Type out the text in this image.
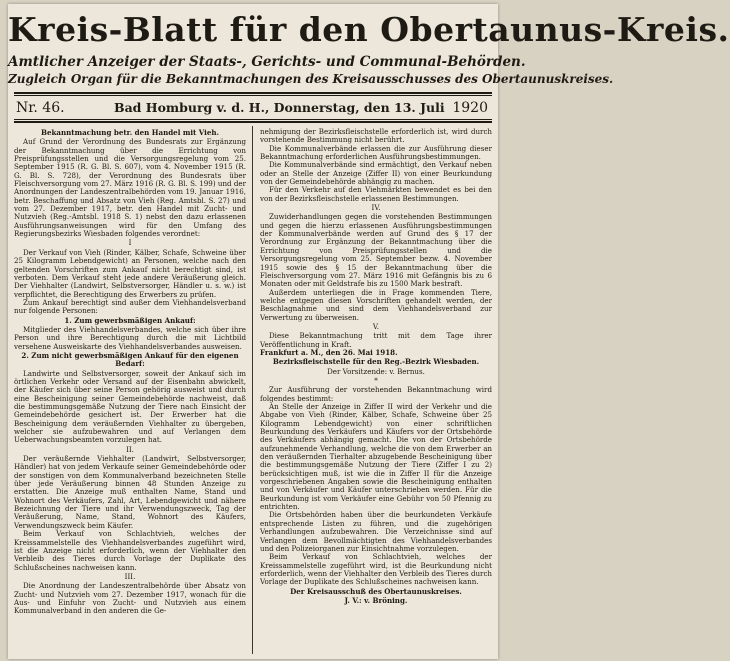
Kreis-Blatt für den Obertaunus-Kreis.
Amtlicher Anzeiger der Staats-, Gerichts- und Communal-Behörden.
Zugleich Organ für die Bekanntmachungen des Kreisausschusses des Obertaunuskreises.
Nr. 46.	Bad Homburg v. d. H., Donnerstag, den 13. Juli 1920

Bekanntmachung betr. den Handel mit Vieh.

Auf Grund der Verordnung des Bundesrats zur Ergänzung der Bekanntmachung über die Errichtung von Preisprüfungsstellen und die Versorgungsregelung vom 25. September 1915 (R. G. Bl. S. 607), vom 4. November 1915 (R. G. Bl. S. 728), der Verordnung des Bundesrats über Fleischversorgung vom 27. März 1916 (R. G. Bl. S. 199) und der Anordnungen der Landeszentralbehörden vom 19. Januar 1916, betr. Beschaffung und Absatz von Vieh (Reg. Amtsbl. S. 27) und vom 27. Dezember 1917, betr. den Handel mit Zucht- und Nutzvieh (Reg.-Amtsbl. 1918 S. 1) nebst den dazu erlassenen Ausführungsanweisungen wird für den Umfang des Regierungsbezirks Wiesbaden folgendes verordnet:

I

Der Verkauf von Vieh (Rinder, Kälber, Schafe, Schweine über 25 Kilogramm Lebendgewicht) an Personen, welche nach den geltenden Vorschriften zum Ankauf nicht berechtigt sind, ist verboten. Dem Verkauf steht jede andere Veräußerung gleich. Der Viehhalter (Landwirt, Selbstversorger, Händler u. s. w.) ist verpflichtet, die Berechtigung des Erwerbers zu prüfen.

Zum Ankauf berechtigt sind außer dem Viehhandelsverband nur folgende Personen:

1. Zum gewerbsmäßigen Ankauf:

Mitglieder des Viehhandelsverbandes, welche sich über ihre Person und ihre Berechtigung durch die mit Lichtbild versehene Ausweiskarte des Viehhandelsverbandes ausweisen.

2. Zum nicht gewerbsmäßigen Ankauf für den eigenen Bedarf:

Landwirte und Selbstversorger, soweit der Ankauf sich im örtlichen Verkehr oder Versand auf der Eisenbahn abwickelt, der Käufer sich über seine Person gehörig ausweist und durch eine Bescheinigung seiner Gemeindebehörde nachweist, daß die bestimmungsgemäße Nutzung der Tiere nach Einsicht der Gemeindebehörde gesichert ist. Der Erwerber hat die Bescheinigung dem veräußernden Viehhalter zu übergeben, welcher sie aufzubewahren und auf Verlangen dem Ueberwachungsbeamten vorzulegen hat.

II.

Der veräußernde Viehhalter (Landwirt, Selbstversorger, Händler) hat von jedem Verkaufe seiner Gemeindebehörde oder der sonstigen von dem Kommunalverband bezeichneten Stelle über jede Veräußerung binnen 48 Stunden Anzeige zu erstatten. Die Anzeige muß enthalten Name, Stand und Wohnort des Verkäufers, Zahl, Art, Lebendgewicht und nähere Bezeichnung der Tiere und ihr Verwendungszweck, Tag der Veräußerung, Name, Stand, Wohnort des Käufers, Verwendungszweck beim Käufer.

Beim Verkauf von Schlachtvieh, welches der Kreissammelstelle des Viehhandelsverbandes zugeführt wird, ist die Anzeige nicht erforderlich, wenn der Viehhalter den Verbleib des Tieres durch Vorlage der Duplikate des Schlußscheines nachweisen kann.

III.

Die Anordnung der Landeszentralbehörde über Absatz von Zucht- und Nutzvieh vom 27. Dezember 1917, wonach für die Aus- und Einfuhr von Zucht- und Nutzvieh aus einem Kommunalverband in den anderen die Ge-

nehmigung der Bezirksfleischstelle erforderlich ist, wird durch vorstehende Bestimmung nicht berührt.

Die Kommunalverbände erlassen die zur Ausführung dieser Bekanntmachung erforderlichen Ausführungsbestimmungen.

Die Kommunalverbände sind ermächtigt, den Verkauf neben oder an Stelle der Anzeige (Ziffer II) von einer Beurkundung von der Gemeindebehörde abhängig zu machen.

Für den Verkehr auf den Viehmärkten bewendet es bei den von der Bezirksfleischstelle erlassenen Bestimmungen.

IV.

Zuwiderhandlungen gegen die vorstehenden Bestimmungen und gegen die hierzu erlassenen Ausführungsbestimmungen der Kommunalverbände werden auf Grund des § 17 der Verordnung zur Ergänzung der Bekanntmachung über die Errichtung von Preisprüfungsstellen und die Versorgungsregelung vom 25. September bezw. 4. November 1915 sowie des § 15 der Bekanntmachung über die Fleischversorgung vom 27. März 1916 mit Gefängnis bis zu 6 Monaten oder mit Geldstrafe bis zu 1500 Mark bestraft.

Außerdem unterliegen die in Frage kommenden Tiere, welche entgegen diesen Vorschriften gehandelt werden, der Beschlagnahme und sind dem Viehhandelsverband zur Verwertung zu überweisen.

V.

Diese Bekanntmachung tritt mit dem Tage ihrer Veröffentlichung in Kraft.

Frankfurt a. M., den 26. Mai 1918.

Bezirksfleischstelle für den Reg.-Bezirk Wiesbaden.

Der Vorsitzende: v. Bernus.

*

Zur Ausführung der vorstehenden Bekanntmachung wird folgendes bestimmt:

An Stelle der Anzeige in Ziffer II wird der Verkehr und die Abgabe von Vieh (Rinder, Kälber, Schafe, Schweine über 25 Kilogramm Lebendgewicht) von einer schriftlichen Beurkundung des Verkäufers und Käufers vor der Ortsbehörde des Verkäufers abhängig gemacht. Die von der Ortsbehörde aufzunehmende Verhandlung, welche die von dem Erwerber an den veräußernden Tierhalter abzugebende Bescheinigung über die bestimmungsgemäße Nutzung der Tiere (Ziffer I zu 2) berücksichtigen muß, ist wie die in Ziffer II für die Anzeige vorgeschriebenen Angaben sowie die Bescheinigung enthalten und von Verkäufer und Käufer unterschrieben werden. Für die Beurkundung ist vom Verkäufer eine Gebühr von 50 Pfennig zu entrichten.

Die Ortsbehörden haben über die beurkundeten Verkäufe entsprechende Listen zu führen, und die zugehörigen Verhandlungen aufzubewahren. Die Verzeichnisse sind auf Verlangen dem Bevollmächtigten des Viehhandelsverbandes und den Polizeiorganen zur Einsichtnahme vorzulegen.

Beim Verkauf von Schlachtvieh, welches der Kreissammelstelle zugeführt wird, ist die Beurkundung nicht erforderlich, wenn der Viehhalter den Verbleib des Tieres durch Vorlage der Duplikate des Schlußscheines nachweisen kann.

Der Kreisausschuß des Obertaunuskreises.

J. V.: v. Bröning.
